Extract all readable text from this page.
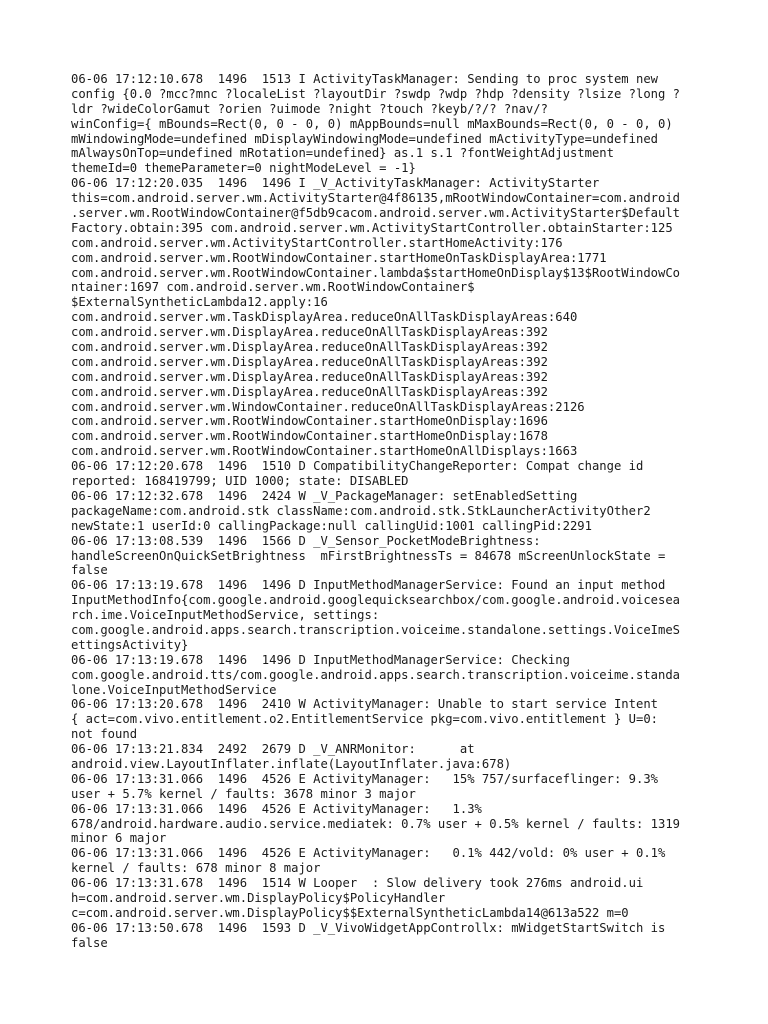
06-06 17:12:10.678  1496  1513 I ActivityTaskManager: Sending to proc system new
config {0.0 ?mcc?mnc ?localeList ?layoutDir ?swdp ?wdp ?hdp ?density ?lsize ?long ?
ldr ?wideColorGamut ?orien ?uimode ?night ?touch ?keyb/?/? ?nav/?
winConfig={ mBounds=Rect(0, 0 - 0, 0) mAppBounds=null mMaxBounds=Rect(0, 0 - 0, 0)
mWindowingMode=undefined mDisplayWindowingMode=undefined mActivityType=undefined
mAlwaysOnTop=undefined mRotation=undefined} as.1 s.1 ?fontWeightAdjustment
themeId=0 themeParameter=0 nightModeLevel = -1}
06-06 17:12:20.035  1496  1496 I _V_ActivityTaskManager: ActivityStarter
this=com.android.server.wm.ActivityStarter@4f86135,mRootWindowContainer=com.android
.server.wm.RootWindowContainer@f5db9cacom.android.server.wm.ActivityStarter$Default
Factory.obtain:395 com.android.server.wm.ActivityStartController.obtainStarter:125
com.android.server.wm.ActivityStartController.startHomeActivity:176
com.android.server.wm.RootWindowContainer.startHomeOnTaskDisplayArea:1771
com.android.server.wm.RootWindowContainer.lambda$startHomeOnDisplay$13$RootWindowCo
ntainer:1697 com.android.server.wm.RootWindowContainer$
$ExternalSyntheticLambda12.apply:16
com.android.server.wm.TaskDisplayArea.reduceOnAllTaskDisplayAreas:640
com.android.server.wm.DisplayArea.reduceOnAllTaskDisplayAreas:392
com.android.server.wm.DisplayArea.reduceOnAllTaskDisplayAreas:392
com.android.server.wm.DisplayArea.reduceOnAllTaskDisplayAreas:392
com.android.server.wm.DisplayArea.reduceOnAllTaskDisplayAreas:392
com.android.server.wm.DisplayArea.reduceOnAllTaskDisplayAreas:392
com.android.server.wm.WindowContainer.reduceOnAllTaskDisplayAreas:2126
com.android.server.wm.RootWindowContainer.startHomeOnDisplay:1696
com.android.server.wm.RootWindowContainer.startHomeOnDisplay:1678
com.android.server.wm.RootWindowContainer.startHomeOnAllDisplays:1663
06-06 17:12:20.678  1496  1510 D CompatibilityChangeReporter: Compat change id
reported: 168419799; UID 1000; state: DISABLED
06-06 17:12:32.678  1496  2424 W _V_PackageManager: setEnabledSetting
packageName:com.android.stk className:com.android.stk.StkLauncherActivityOther2
newState:1 userId:0 callingPackage:null callingUid:1001 callingPid:2291
06-06 17:13:08.539  1496  1566 D _V_Sensor_PocketModeBrightness:
handleScreenOnQuickSetBrightness  mFirstBrightnessTs = 84678 mScreenUnlockState =
false
06-06 17:13:19.678  1496  1496 D InputMethodManagerService: Found an input method
InputMethodInfo{com.google.android.googlequicksearchbox/com.google.android.voicesea
rch.ime.VoiceInputMethodService, settings:
com.google.android.apps.search.transcription.voiceime.standalone.settings.VoiceImeS
ettingsActivity}
06-06 17:13:19.678  1496  1496 D InputMethodManagerService: Checking
com.google.android.tts/com.google.android.apps.search.transcription.voiceime.standa
lone.VoiceInputMethodService
06-06 17:13:20.678  1496  2410 W ActivityManager: Unable to start service Intent
{ act=com.vivo.entitlement.o2.EntitlementService pkg=com.vivo.entitlement } U=0:
not found
06-06 17:13:21.834  2492  2679 D _V_ANRMonitor:      at
android.view.LayoutInflater.inflate(LayoutInflater.java:678)
06-06 17:13:31.066  1496  4526 E ActivityManager:   15% 757/surfaceflinger: 9.3%
user + 5.7% kernel / faults: 3678 minor 3 major
06-06 17:13:31.066  1496  4526 E ActivityManager:   1.3%
678/android.hardware.audio.service.mediatek: 0.7% user + 0.5% kernel / faults: 1319
minor 6 major
06-06 17:13:31.066  1496  4526 E ActivityManager:   0.1% 442/vold: 0% user + 0.1%
kernel / faults: 678 minor 8 major
06-06 17:13:31.678  1496  1514 W Looper  : Slow delivery took 276ms android.ui
h=com.android.server.wm.DisplayPolicy$PolicyHandler
c=com.android.server.wm.DisplayPolicy$$ExternalSyntheticLambda14@613a522 m=0
06-06 17:13:50.678  1496  1593 D _V_VivoWidgetAppControllx: mWidgetStartSwitch is
false
